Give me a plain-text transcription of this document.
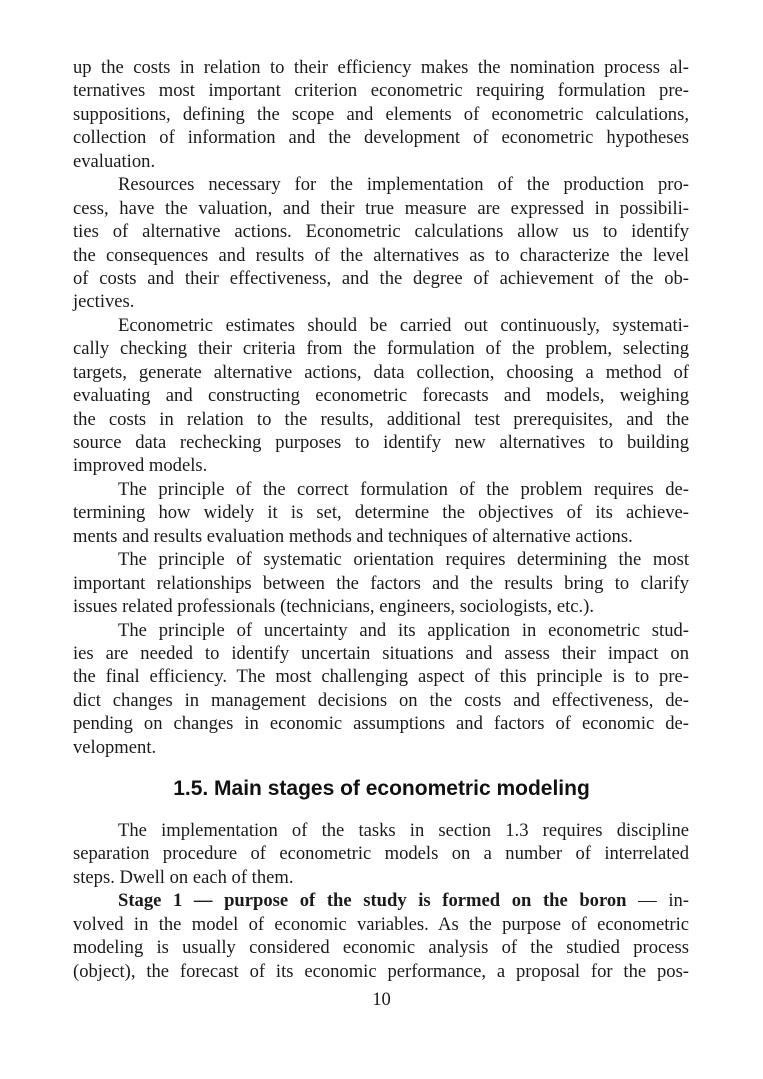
up the costs in relation to their efficiency makes the nomination process al-
ternatives most important criterion econometric requiring formulation pre-
suppositions, defining the scope and elements of econometric calculations,
collection of information and the development of econometric hypotheses
evaluation.
Resources necessary for the implementation of the production pro-
cess, have the valuation, and their true measure are expressed in possibili-
ties of alternative actions. Econometric calculations allow us to identify
the consequences and results of the alternatives as to characterize the level
of costs and their effectiveness, and the degree of achievement of the ob-
jectives.
Econometric estimates should be carried out continuously, systemati-
cally checking their criteria from the formulation of the problem, selecting
targets, generate alternative actions, data collection, choosing a method of
evaluating and constructing econometric forecasts and models, weighing
the costs in relation to the results, additional test prerequisites, and the
source data rechecking purposes to identify new alternatives to building
improved models.
The principle of the correct formulation of the problem requires de-
termining how widely it is set, determine the objectives of its achieve-
ments and results evaluation methods and techniques of alternative actions.
The principle of systematic orientation requires determining the most
important relationships between the factors and the results bring to clarify
issues related professionals (technicians, engineers, sociologists, etc.).
The principle of uncertainty and its application in econometric stud-
ies are needed to identify uncertain situations and assess their impact on
the final efficiency. The most challenging aspect of this principle is to pre-
dict changes in management decisions on the costs and effectiveness, de-
pending on changes in economic assumptions and factors of economic de-
velopment.
1.5. Main stages of econometric modeling
The implementation of the tasks in section 1.3 requires discipline
separation procedure of econometric models on a number of interrelated
steps. Dwell on each of them.
Stage 1 — purpose of the study is formed on the boron — in-
volved in the model of economic variables. As the purpose of econometric
modeling is usually considered economic analysis of the studied process
(object), the forecast of its economic performance, a proposal for the pos-
10
